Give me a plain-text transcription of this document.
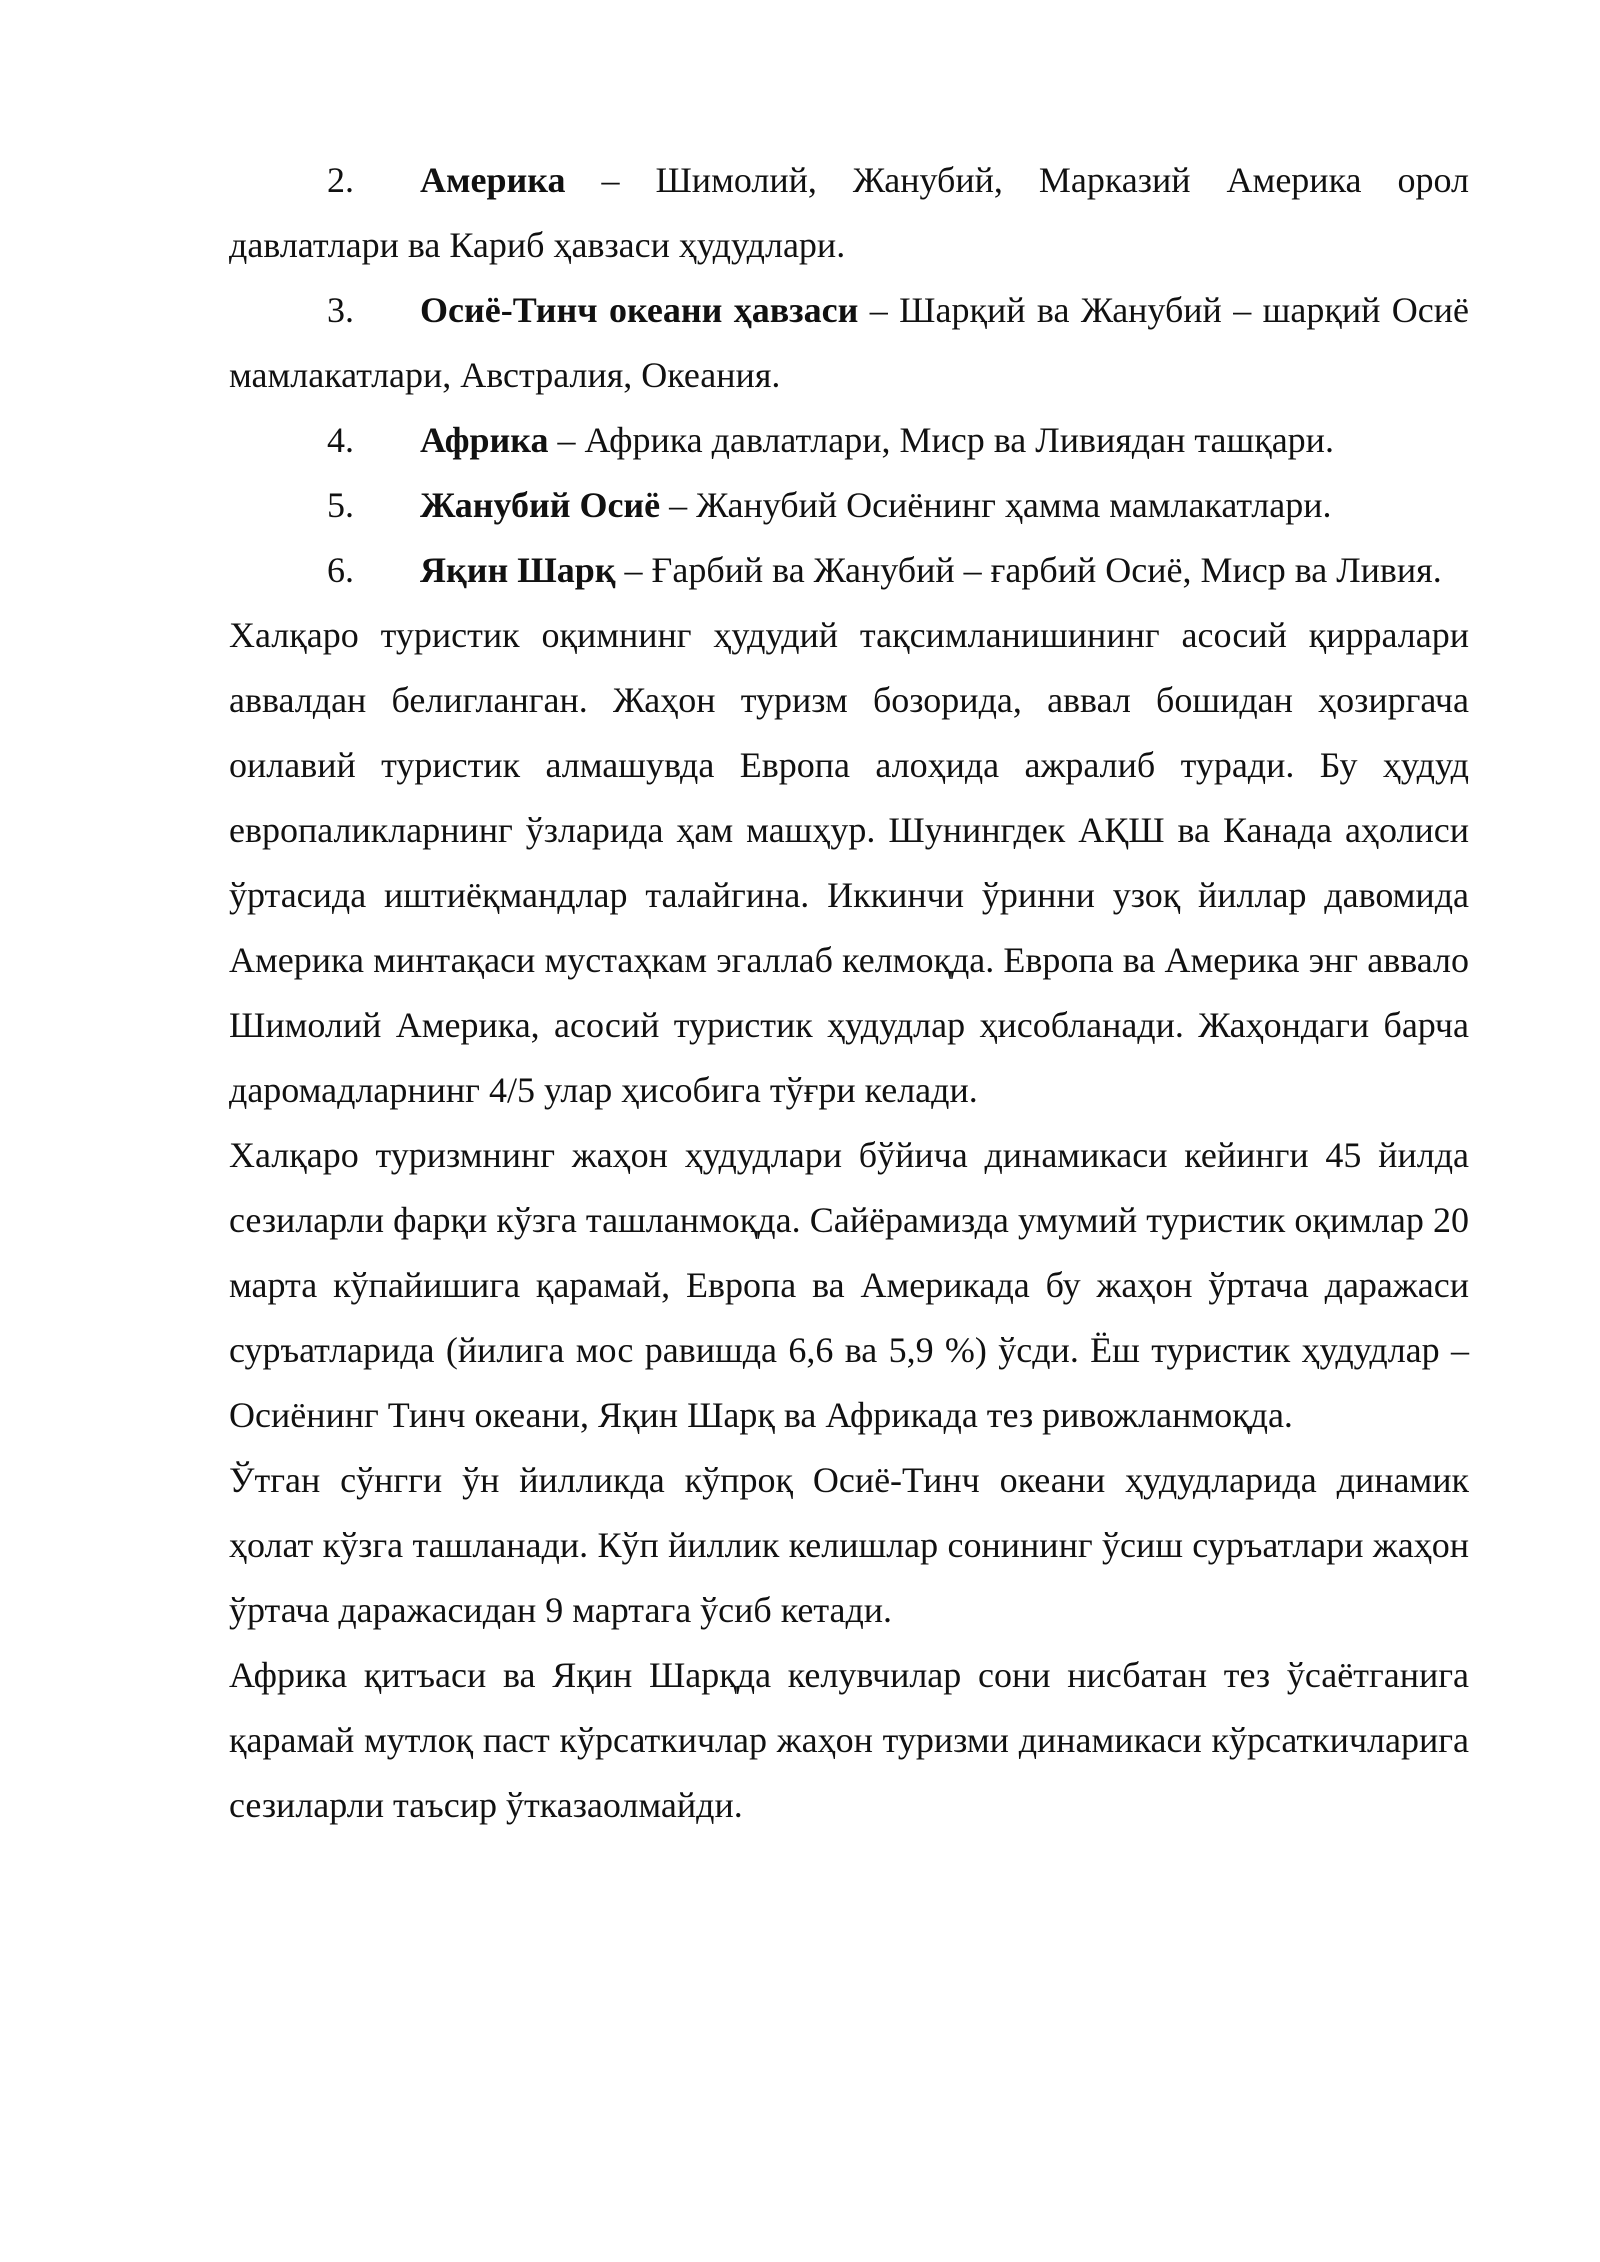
2. Америка – Шимолий, Жанубий, Марказий Америка орол давлатлари ва Кариб ҳавзаси ҳудудлари.

3. Осиё-Тинч океани ҳавзаси – Шарқий ва Жанубий – шарқий Осиё мамлакатлари, Австралия, Океания.

4. Африка – Африка давлатлари, Миср ва Ливиядан ташқари.

5. Жанубий Осиё – Жанубий Осиёнинг ҳамма мамлакатлари.

6. Яқин Шарқ – Ғарбий ва Жанубий – ғарбий Осиё, Миср ва Ливия.

Халқаро туристик оқимнинг ҳудудий тақсимланишининг асосий қирралари аввалдан белигланган. Жаҳон туризм бозорида, аввал бошидан ҳозиргача оилавий туристик алмашувда Европа алоҳида ажралиб туради. Бу ҳудуд европаликларнинг ўзларида ҳам машҳур. Шунингдек АҚШ ва Канада аҳолиси ўртасида иштиёқмандлар талайгина. Иккинчи ўринни узоқ йиллар давомида Америка минтақаси мустаҳкам эгаллаб келмоқда. Европа ва Америка энг аввало Шимолий Америка, асосий туристик ҳудудлар ҳисобланади. Жаҳондаги барча даромадларнинг 4/5 улар ҳисобига тўғри келади.

Халқаро туризмнинг жаҳон ҳудудлари бўйича динамикаси кейинги 45 йилда сезиларли фарқи кўзга ташланмоқда. Сайёрамизда умумий туристик оқимлар 20 марта кўпайишига қарамай, Европа ва Америкада бу жаҳон ўртача даражаси суръатларида (йилига мос равишда 6,6 ва 5,9 %) ўсди. Ёш туристик ҳудудлар – Осиёнинг Тинч океани, Яқин Шарқ ва Африкада тез ривожланмоқда.

Ўтган сўнгги ўн йилликда кўпроқ Осиё-Тинч океани ҳудудларида динамик ҳолат кўзга ташланади. Кўп йиллик келишлар сонининг ўсиш суръатлари жаҳон ўртача даражасидан 9 мартага ўсиб кетади.

Африка қитъаси ва Яқин Шарқда келувчилар сони нисбатан тез ўсаётганига қарамай мутлоқ паст кўрсаткичлар жаҳон туризми динамикаси кўрсаткичларига сезиларли таъсир ўтказаолмайди.
